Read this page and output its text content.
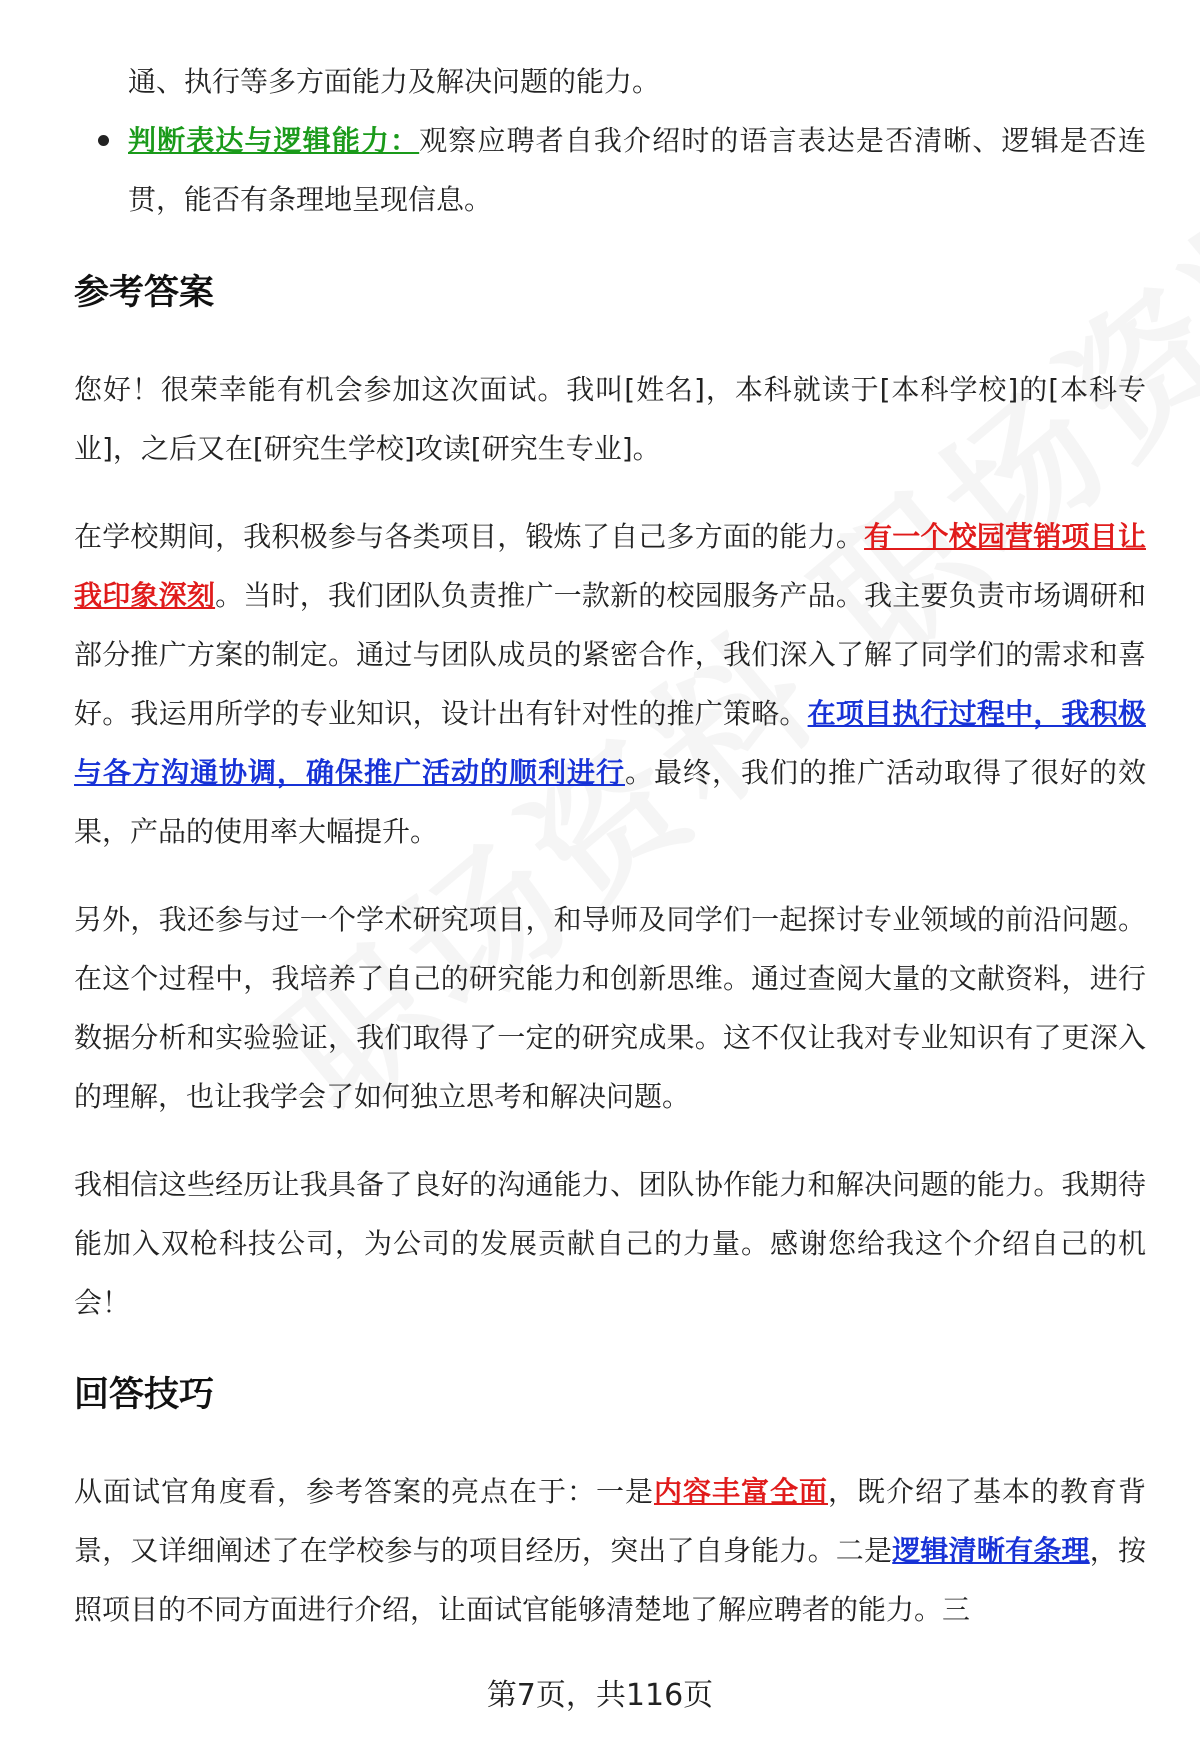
通、执行等多方面能力及解决问题的能力。

判断表达与逻辑能力：观察应聘者自我介绍时的语言表达是否清晰、逻辑是否连贯，能否有条理地呈现信息。

参考答案

您好！很荣幸能有机会参加这次面试。我叫[姓名]，本科就读于[本科学校]的[本科专业]，之后又在[研究生学校]攻读[研究生专业]。

在学校期间，我积极参与各类项目，锻炼了自己多方面的能力。有一个校园营销项目让我印象深刻。当时，我们团队负责推广一款新的校园服务产品。我主要负责市场调研和部分推广方案的制定。通过与团队成员的紧密合作，我们深入了解了同学们的需求和喜好。我运用所学的专业知识，设计出有针对性的推广策略。在项目执行过程中，我积极与各方沟通协调，确保推广活动的顺利进行。最终，我们的推广活动取得了很好的效果，产品的使用率大幅提升。

另外，我还参与过一个学术研究项目，和导师及同学们一起探讨专业领域的前沿问题。在这个过程中，我培养了自己的研究能力和创新思维。通过查阅大量的文献资料，进行数据分析和实验验证，我们取得了一定的研究成果。这不仅让我对专业知识有了更深入的理解，也让我学会了如何独立思考和解决问题。

我相信这些经历让我具备了良好的沟通能力、团队协作能力和解决问题的能力。我期待能加入双枪科技公司，为公司的发展贡献自己的力量。感谢您给我这个介绍自己的机会！

回答技巧

从面试官角度看，参考答案的亮点在于：一是内容丰富全面，既介绍了基本的教育背景，又详细阐述了在学校参与的项目经历，突出了自身能力。二是逻辑清晰有条理，按照项目的不同方面进行介绍，让面试官能够清楚地了解应聘者的能力。三

第7页，共116页
